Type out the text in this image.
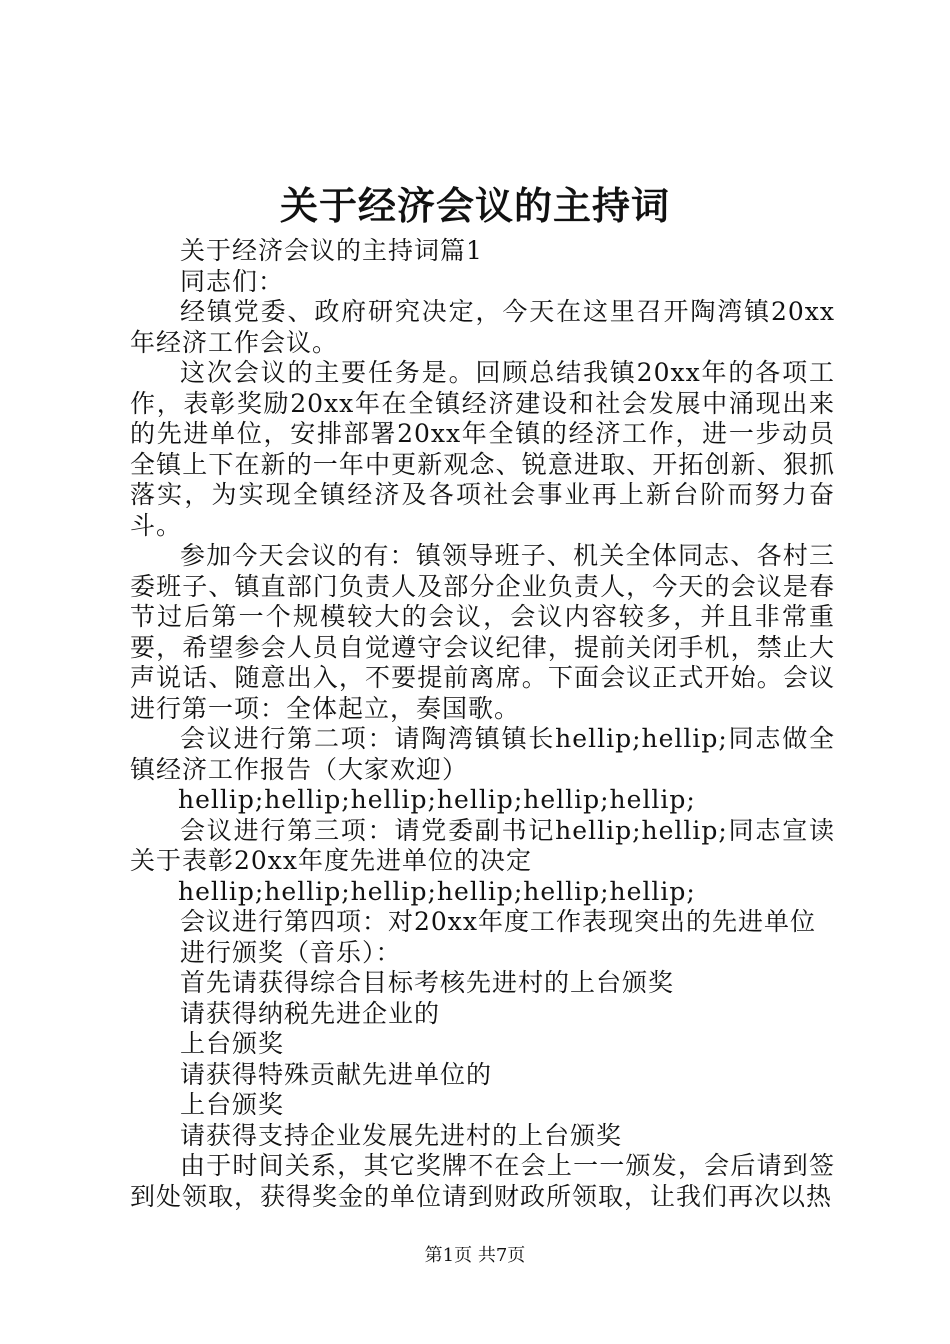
关于经济会议的主持词

关于经济会议的主持词篇1

同志们：

经镇党委、政府研究决定，今天在这里召开陶湾镇20xx年经济工作会议。

这次会议的主要任务是。回顾总结我镇20xx年的各项工作，表彰奖励20xx年在全镇经济建设和社会发展中涌现出来的先进单位，安排部署20xx年全镇的经济工作，进一步动员全镇上下在新的一年中更新观念、锐意进取、开拓创新、狠抓落实，为实现全镇经济及各项社会事业再上新台阶而努力奋斗。

参加今天会议的有：镇领导班子、机关全体同志、各村三委班子、镇直部门负责人及部分企业负责人，今天的会议是春节过后第一个规模较大的会议，会议内容较多，并且非常重要，希望参会人员自觉遵守会议纪律，提前关闭手机，禁止大声说话、随意出入，不要提前离席。下面会议正式开始。会议进行第一项：全体起立，奏国歌。

会议进行第二项：请陶湾镇镇长hellip;hellip;同志做全镇经济工作报告（大家欢迎）

hellip;hellip;hellip;hellip;hellip;hellip;

会议进行第三项：请党委副书记hellip;hellip;同志宣读关于表彰20xx年度先进单位的决定

hellip;hellip;hellip;hellip;hellip;hellip;

会议进行第四项：对20xx年度工作表现突出的先进单位

进行颁奖（音乐）：

首先请获得综合目标考核先进村的上台颁奖

请获得纳税先进企业的

上台颁奖

请获得特殊贡献先进单位的

上台颁奖

请获得支持企业发展先进村的上台颁奖

由于时间关系，其它奖牌不在会上一一颁发，会后请到签到处领取，获得奖金的单位请到财政所领取，让我们再次以热

第1页 共7页
